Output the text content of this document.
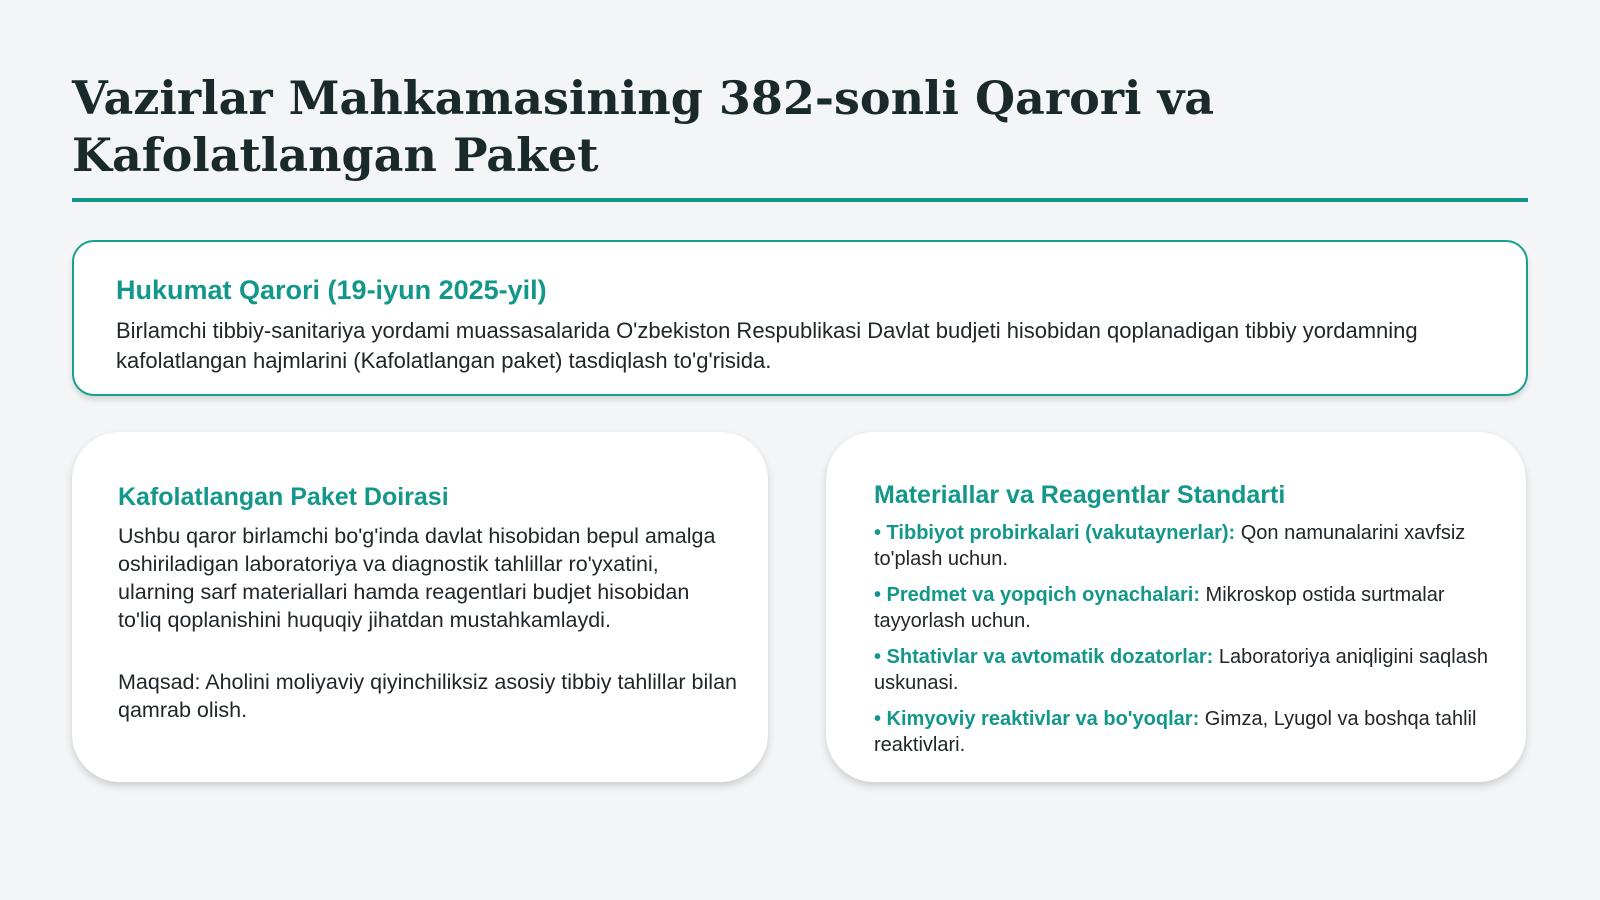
Vazirlar Mahkamasining 382-sonli Qarori va Kafolatlangan Paket
Hukumat Qarori (19-iyun 2025-yil)

Birlamchi tibbiy-sanitariya yordami muassasalarida O'zbekiston Respublikasi Davlat budjeti hisobidan qoplanadigan tibbiy yordamning kafolatlangan hajmlarini (Kafolatlangan paket) tasdiqlash to'g'risida.

Kafolatlangan Paket Doirasi

Ushbu qaror birlamchi bo'g'inda davlat hisobidan bepul amalga oshiriladigan laboratoriya va diagnostik tahlillar ro'yxatini, ularning sarf materiallari hamda reagentlari budjet hisobidan to'liq qoplanishini huquqiy jihatdan mustahkamlaydi.

Maqsad: Aholini moliyaviy qiyinchiliksiz asosiy tibbiy tahlillar bilan qamrab olish.

Materiallar va Reagentlar Standarti
• Tibbiyot probirkalari (vakutaynerlar): Qon namunalarini xavfsiz to'plash uchun.
• Predmet va yopqich oynachalari: Mikroskop ostida surtmalar tayyorlash uchun.
• Shtativlar va avtomatik dozatorlar: Laboratoriya aniqligini saqlash uskunasi.
• Kimyoviy reaktivlar va bo'yoqlar: Gimza, Lyugol va boshqa tahlil reaktivlari.
